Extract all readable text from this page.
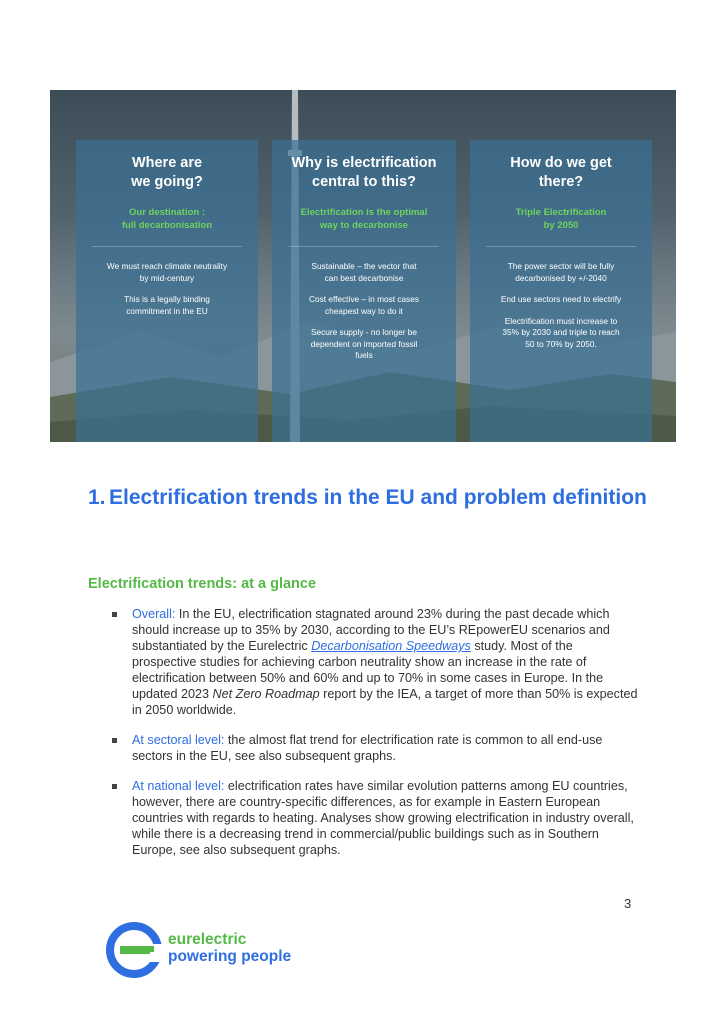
Where are
we going?
Our destination :
full decarbonisation

We must reach climate neutrality
by mid-century

This is a legally binding
commitment in the EU

Why is electrification
central to this?
Electrification is the optimal
way to decarbonise

Sustainable – the vector that
can best decarbonise

Cost effective – in most cases
cheapest way to do it

Secure supply - no longer be
dependent on imported fossil
fuels

How do we get
there?
Triple Electrification
by 2050

The power sector will be fully
decarbonised by +/-2040

End use sectors need to electrify

Electrification must increase to
35% by 2030 and triple to reach
50 to 70% by 2050.

1. Electrification trends in the EU and problem definition
Electrification trends: at a glance
Overall: In the EU, electrification stagnated around 23% during the past decade which should increase up to 35% by 2030, according to the EU’s REpowerEU scenarios and substantiated by the Eurelectric Decarbonisation Speedways study. Most of the prospective studies for achieving carbon neutrality show an increase in the rate of electrification between 50% and 60% and up to 70% in some cases in Europe. In the updated 2023 Net Zero Roadmap report by the IEA, a target of more than 50% is expected in 2050 worldwide.
At sectoral level: the almost flat trend for electrification rate is common to all end-use sectors in the EU, see also subsequent graphs.
At national level: electrification rates have similar evolution patterns among EU countries, however, there are country-specific differences, as for example in Eastern European countries with regards to heating. Analyses show growing electrification in industry overall, while there is a decreasing trend in commercial/public buildings such as in Southern Europe, see also subsequent graphs.
3
eurelectric
powering people
